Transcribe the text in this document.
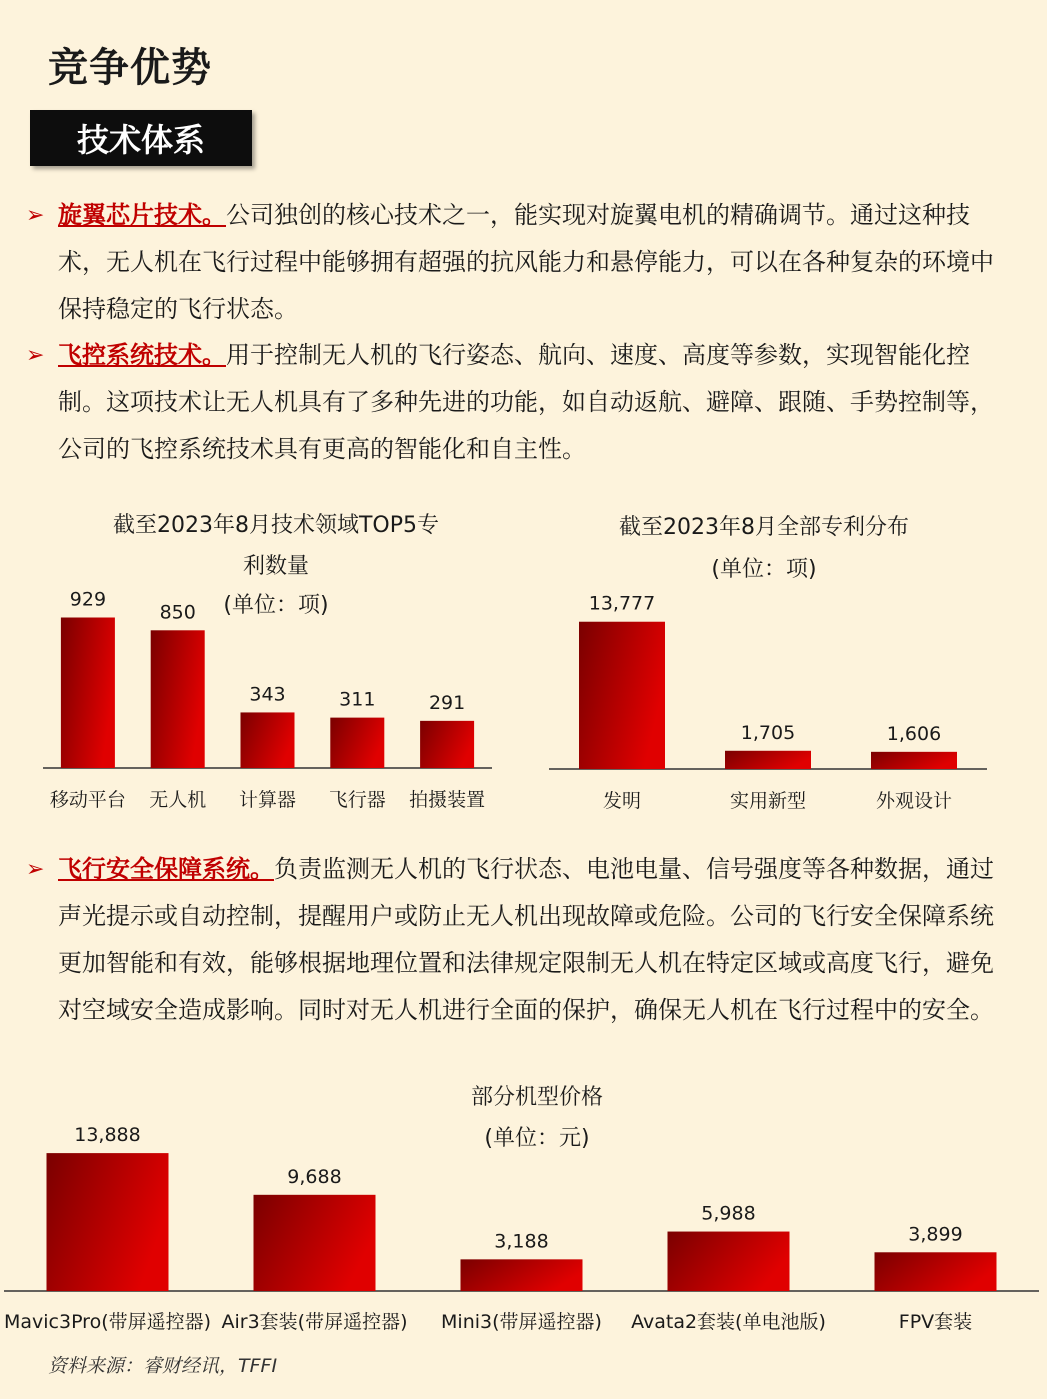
竞争优势
技术体系
➢ 旋翼芯片技术。公司独创的核心技术之一，能实现对旋翼电机的精确调节。通过这种技术，无人机在飞行过程中能够拥有超强的抗风能力和悬停能力，可以在各种复杂的环境中保持稳定的飞行状态。
➢ 飞控系统技术。用于控制无人机的飞行姿态、航向、速度、高度等参数，实现智能化控制。这项技术让无人机具有了多种先进的功能，如自动返航、避障、跟随、手势控制等，公司的飞控系统技术具有更高的智能化和自主性。
截至2023年8月技术领域TOP5专
利数量
(单位：项)
929
移动平台
850
无人机
343
计算器
311
飞行器
291
拍摄装置
截至2023年8月全部专利分布
(单位：项)
13,777
发明
1,705
实用新型
1,606
外观设计
➢ 飞行安全保障系统。负责监测无人机的飞行状态、电池电量、信号强度等各种数据，通过声光提示或自动控制，提醒用户或防止无人机出现故障或危险。公司的飞行安全保障系统更加智能和有效，能够根据地理位置和法律规定限制无人机在特定区域或高度飞行，避免对空域安全造成影响。同时对无人机进行全面的保护，确保无人机在飞行过程中的安全。
部分机型价格
(单位：元)
13,888
Mavic3Pro(带屏遥控器)
9,688
Air3套装(带屏遥控器)
3,188
Mini3(带屏遥控器)
5,988
Avata2套装(单电池版)
3,899
FPV套装
资料来源：睿财经讯，TFFI
